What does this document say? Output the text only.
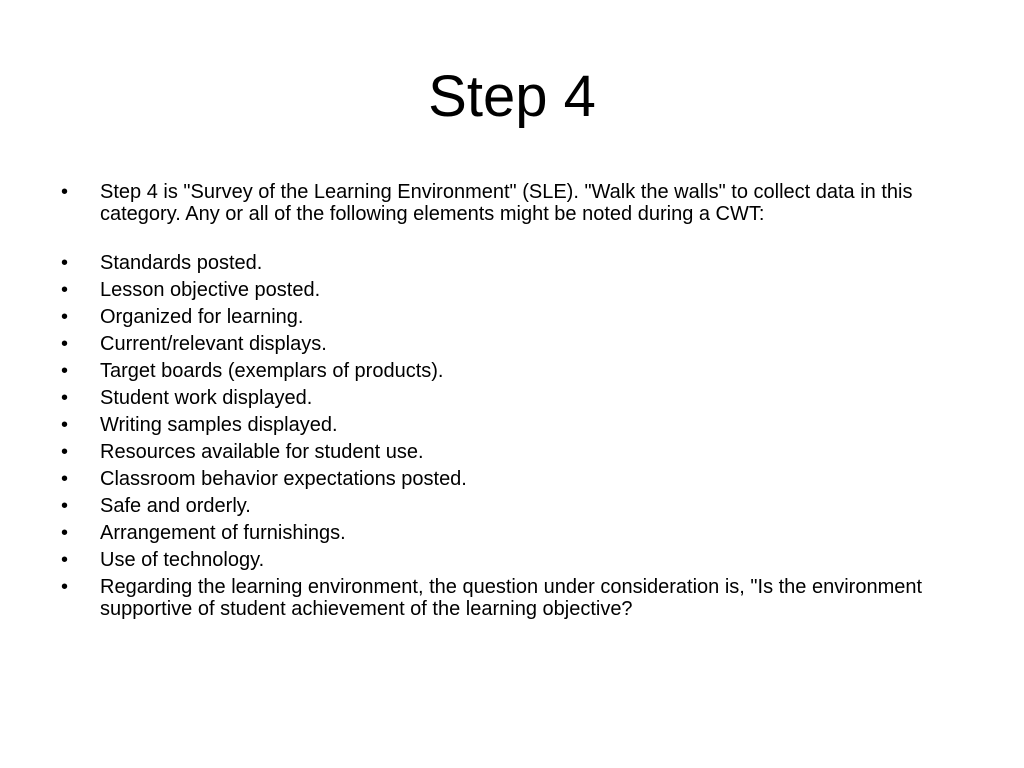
Step 4
• Step 4 is "Survey of the Learning Environment" (SLE). "Walk the walls" to collect data in this category. Any or all of the following elements might be noted during a CWT:
• Standards posted.
• Lesson objective posted.
• Organized for learning.
• Current/relevant displays.
• Target boards (exemplars of products).
• Student work displayed.
• Writing samples displayed.
• Resources available for student use.
• Classroom behavior expectations posted.
• Safe and orderly.
• Arrangement of furnishings.
• Use of technology.
• Regarding the learning environment, the question under consideration is, "Is the environment supportive of student achievement of the learning objective?
